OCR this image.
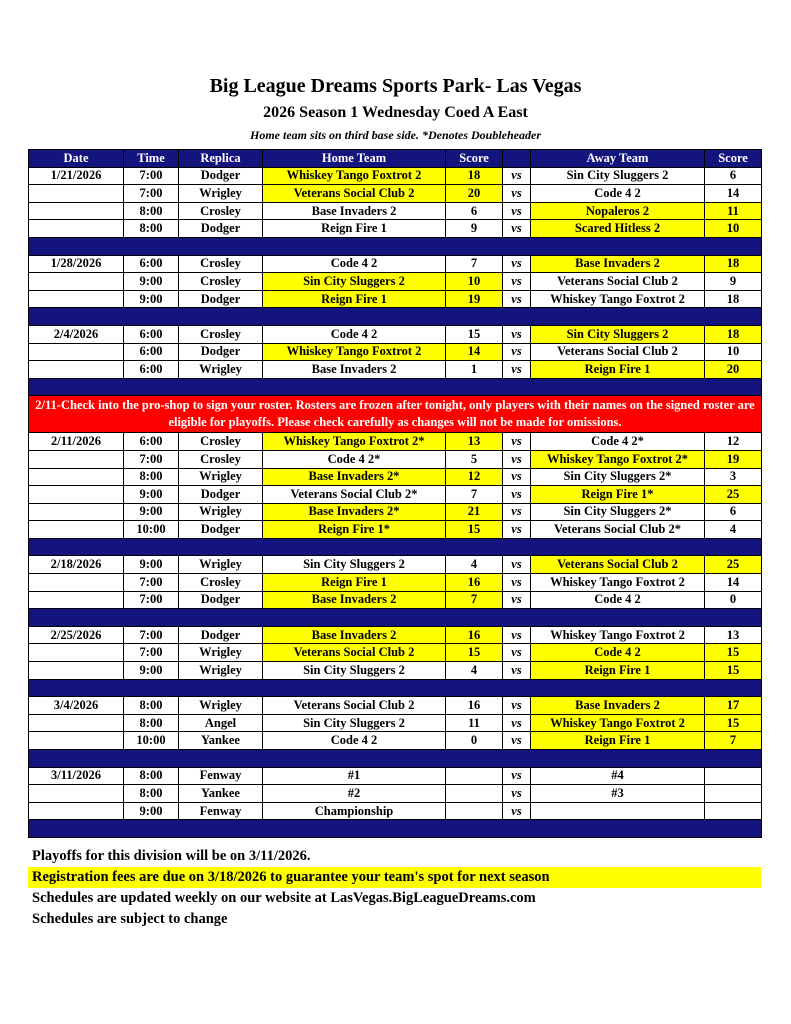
Big League Dreams Sports Park- Las Vegas
2026 Season 1 Wednesday Coed A East
Home team sits on third base side. *Denotes Doubleheader
Date	Time	Replica	Home Team	Score		Away Team	Score
1/21/2026	7:00	Dodger	Whiskey Tango Foxtrot 2	18	vs	Sin City Sluggers 2	6
	7:00	Wrigley	Veterans Social Club 2	20	vs	Code 4 2	14
	8:00	Crosley	Base Invaders 2	6	vs	Nopaleros 2	11
	8:00	Dodger	Reign Fire 1	9	vs	Scared Hitless 2	10

1/28/2026	6:00	Crosley	Code 4 2	7	vs	Base Invaders 2	18
	9:00	Crosley	Sin City Sluggers 2	10	vs	Veterans Social Club 2	9
	9:00	Dodger	Reign Fire 1	19	vs	Whiskey Tango Foxtrot 2	18

2/4/2026	6:00	Crosley	Code 4 2	15	vs	Sin City Sluggers 2	18
	6:00	Dodger	Whiskey Tango Foxtrot 2	14	vs	Veterans Social Club 2	10
	6:00	Wrigley	Base Invaders 2	1	vs	Reign Fire 1	20

2/11-Check into the pro-shop to sign your roster. Rosters are frozen after tonight, only players with their names on the signed roster are eligible for playoffs. Please check carefully as changes will not be made for omissions.							
2/11/2026	6:00	Crosley	Whiskey Tango Foxtrot 2*	13	vs	Code 4 2*	12
	7:00	Crosley	Code 4 2*	5	vs	Whiskey Tango Foxtrot 2*	19
	8:00	Wrigley	Base Invaders 2*	12	vs	Sin City Sluggers 2*	3
	9:00	Dodger	Veterans Social Club 2*	7	vs	Reign Fire 1*	25
	9:00	Wrigley	Base Invaders 2*	21	vs	Sin City Sluggers 2*	6
	10:00	Dodger	Reign Fire 1*	15	vs	Veterans Social Club 2*	4

2/18/2026	9:00	Wrigley	Sin City Sluggers 2	4	vs	Veterans Social Club 2	25
	7:00	Crosley	Reign Fire 1	16	vs	Whiskey Tango Foxtrot 2	14
	7:00	Dodger	Base Invaders 2	7	vs	Code 4 2	0

2/25/2026	7:00	Dodger	Base Invaders 2	16	vs	Whiskey Tango Foxtrot 2	13
	7:00	Wrigley	Veterans Social Club 2	15	vs	Code 4 2	15
	9:00	Wrigley	Sin City Sluggers 2	4	vs	Reign Fire 1	15

3/4/2026	8:00	Wrigley	Veterans Social Club 2	16	vs	Base Invaders 2	17
	8:00	Angel	Sin City Sluggers 2	11	vs	Whiskey Tango Foxtrot 2	15
	10:00	Yankee	Code 4 2	0	vs	Reign Fire 1	7

3/11/2026	8:00	Fenway	#1		vs	#4	
	8:00	Yankee	#2		vs	#3	
	9:00	Fenway	Championship		vs		

Playoffs for this division will be on 3/11/2026.
Registration fees are due on 3/18/2026 to guarantee your team's spot for next season
Schedules are updated weekly on our website at LasVegas.BigLeagueDreams.com
Schedules are subject to change
